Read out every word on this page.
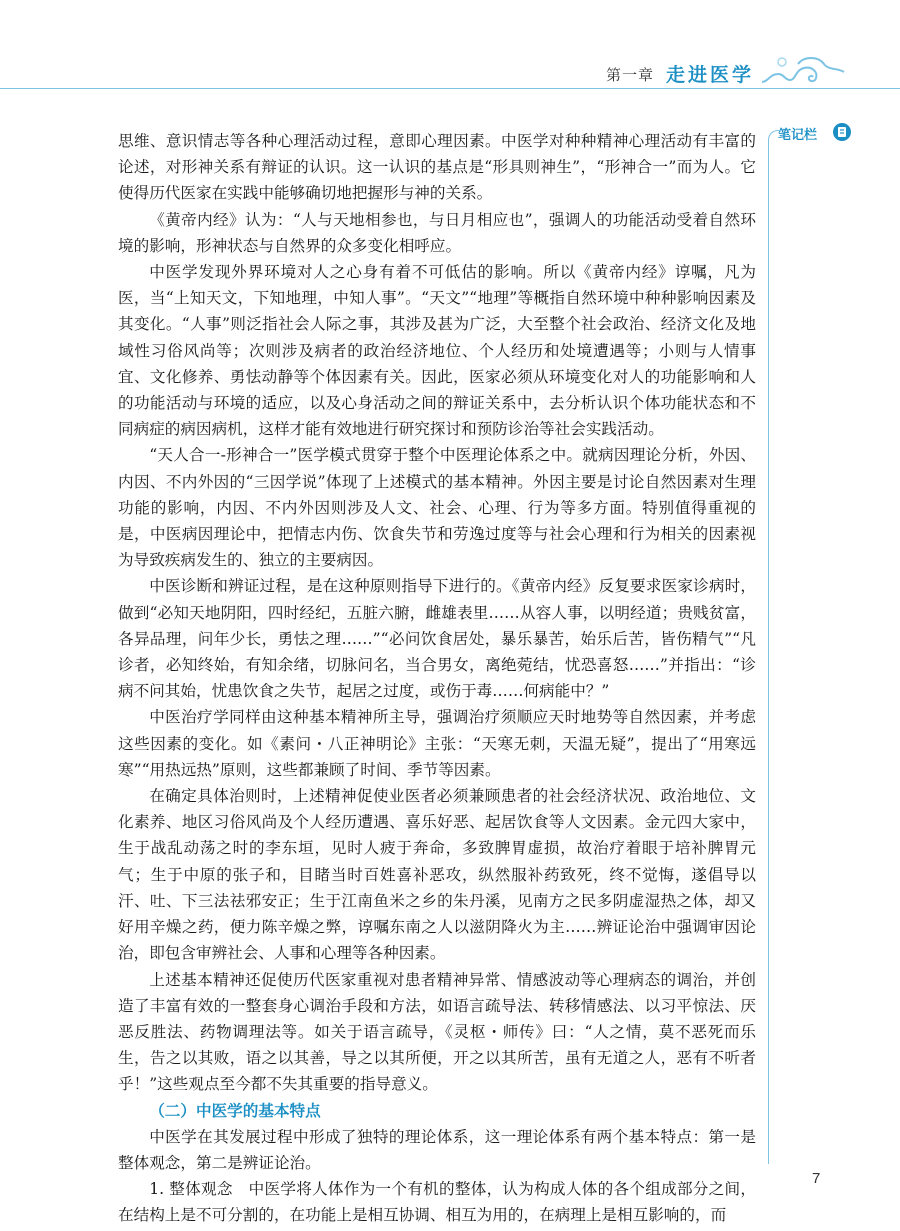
第一章 走进医学
笔记栏

思维、意识情志等各种心理活动过程，意即心理因素。中医学对种种精神心理活动有丰富的论述，对形神关系有辩证的认识。这一认识的基点是“形具则神生”，“形神合一”而为人。它使得历代医家在实践中能够确切地把握形与神的关系。

《黄帝内经》认为：“人与天地相参也，与日月相应也”，强调人的功能活动受着自然环境的影响，形神状态与自然界的众多变化相呼应。

中医学发现外界环境对人之心身有着不可低估的影响。所以《黄帝内经》谆嘱，凡为医，当“上知天文，下知地理，中知人事”。“天文”“地理”等概指自然环境中种种影响因素及其变化。“人事”则泛指社会人际之事，其涉及甚为广泛，大至整个社会政治、经济文化及地域性习俗风尚等；次则涉及病者的政治经济地位、个人经历和处境遭遇等；小则与人情事宜、文化修养、勇怯动静等个体因素有关。因此，医家必须从环境变化对人的功能影响和人的功能活动与环境的适应，以及心身活动之间的辩证关系中，去分析认识个体功能状态和不同病症的病因病机，这样才能有效地进行研究探讨和预防诊治等社会实践活动。

“天人合一-形神合一”医学模式贯穿于整个中医理论体系之中。就病因理论分析，外因、内因、不内外因的“三因学说”体现了上述模式的基本精神。外因主要是讨论自然因素对生理功能的影响，内因、不内外因则涉及人文、社会、心理、行为等多方面。特别值得重视的是，中医病因理论中，把情志内伤、饮食失节和劳逸过度等与社会心理和行为相关的因素视为导致疾病发生的、独立的主要病因。

中医诊断和辨证过程，是在这种原则指导下进行的。《黄帝内经》反复要求医家诊病时，做到“必知天地阴阳，四时经纪，五脏六腑，雌雄表里……从容人事，以明经道；贵贱贫富，各异品理，问年少长，勇怯之理……”“必问饮食居处，暴乐暴苦，始乐后苦，皆伤精气”“凡诊者，必知终始，有知余绪，切脉问名，当合男女，离绝菀结，忧恐喜怒……”并指出：“诊病不问其始，忧患饮食之失节，起居之过度，或伤于毒……何病能中？”

中医治疗学同样由这种基本精神所主导，强调治疗须顺应天时地势等自然因素，并考虑这些因素的变化。如《素问・八正神明论》主张：“天寒无刺，天温无疑”，提出了“用寒远寒”“用热远热”原则，这些都兼顾了时间、季节等因素。

在确定具体治则时，上述精神促使业医者必须兼顾患者的社会经济状况、政治地位、文化素养、地区习俗风尚及个人经历遭遇、喜乐好恶、起居饮食等人文因素。金元四大家中，生于战乱动荡之时的李东垣，见时人疲于奔命，多致脾胃虚损，故治疗着眼于培补脾胃元气；生于中原的张子和，目睹当时百姓喜补恶攻，纵然服补药致死，终不觉悔，遂倡导以汗、吐、下三法祛邪安正；生于江南鱼米之乡的朱丹溪，见南方之民多阴虚湿热之体，却又好用辛燥之药，便力陈辛燥之弊，谆嘱东南之人以滋阴降火为主……辨证论治中强调审因论治，即包含审辨社会、人事和心理等各种因素。

上述基本精神还促使历代医家重视对患者精神异常、情感波动等心理病态的调治，并创造了丰富有效的一整套身心调治手段和方法，如语言疏导法、转移情感法、以习平惊法、厌恶反胜法、药物调理法等。如关于语言疏导，《灵枢・师传》曰：“人之情，莫不恶死而乐生，告之以其败，语之以其善，导之以其所便，开之以其所苦，虽有无道之人，恶有不听者乎！”这些观点至今都不失其重要的指导意义。

（二）中医学的基本特点

中医学在其发展过程中形成了独特的理论体系，这一理论体系有两个基本特点：第一是整体观念，第二是辨证论治。

1. 整体观念　中医学将人体作为一个有机的整体，认为构成人体的各个组成部分之间，在结构上是不可分割的，在功能上是相互协调、相互为用的，在病理上是相互影响的，而

7
